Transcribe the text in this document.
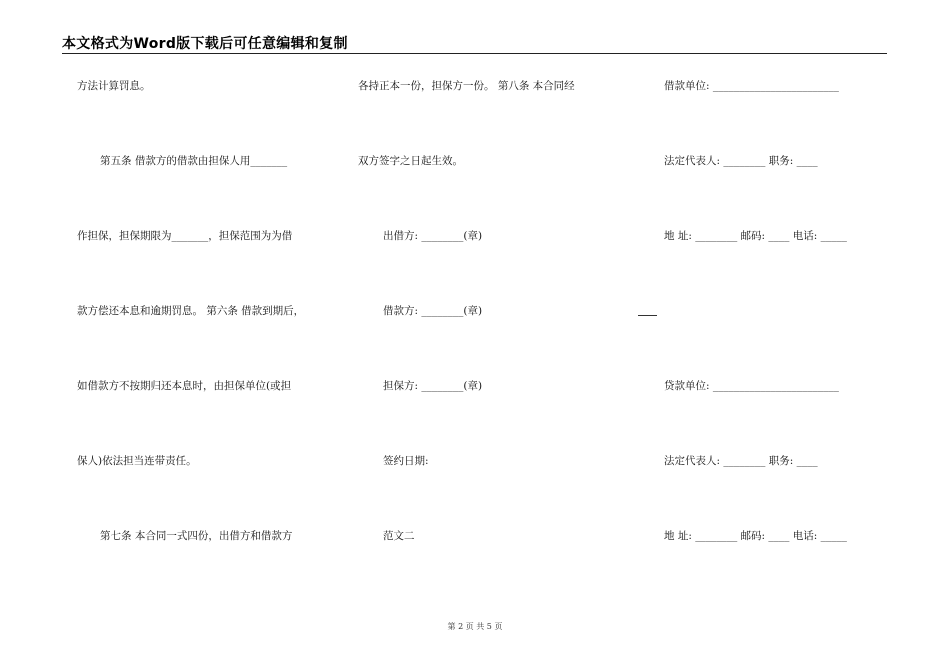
本文格式为Word版下载后可任意编辑和复制
方法计算罚息。
第五条 借款方的借款由担保人用_______
作担保，担保期限为_______，担保范围为为借
款方偿还本息和逾期罚息。 第六条 借款到期后，
如借款方不按期归还本息时，由担保单位(或担
保人)依法担当连带责任。
第七条 本合同一式四份，出借方和借款方
各持正本一份，担保方一份。 第八条 本合同经
双方签字之日起生效。
出借方: ________(章)
借款方: ________(章)
担保方: ________(章)
签约日期:
范文二
借款单位: ________________________
法定代表人: ________ 职务: ____
地 址: ________ 邮码: ____ 电话: _____
贷款单位: ________________________
法定代表人: ________ 职务: ____
地 址: ________ 邮码: ____ 电话: _____
第 2 页 共 5 页
